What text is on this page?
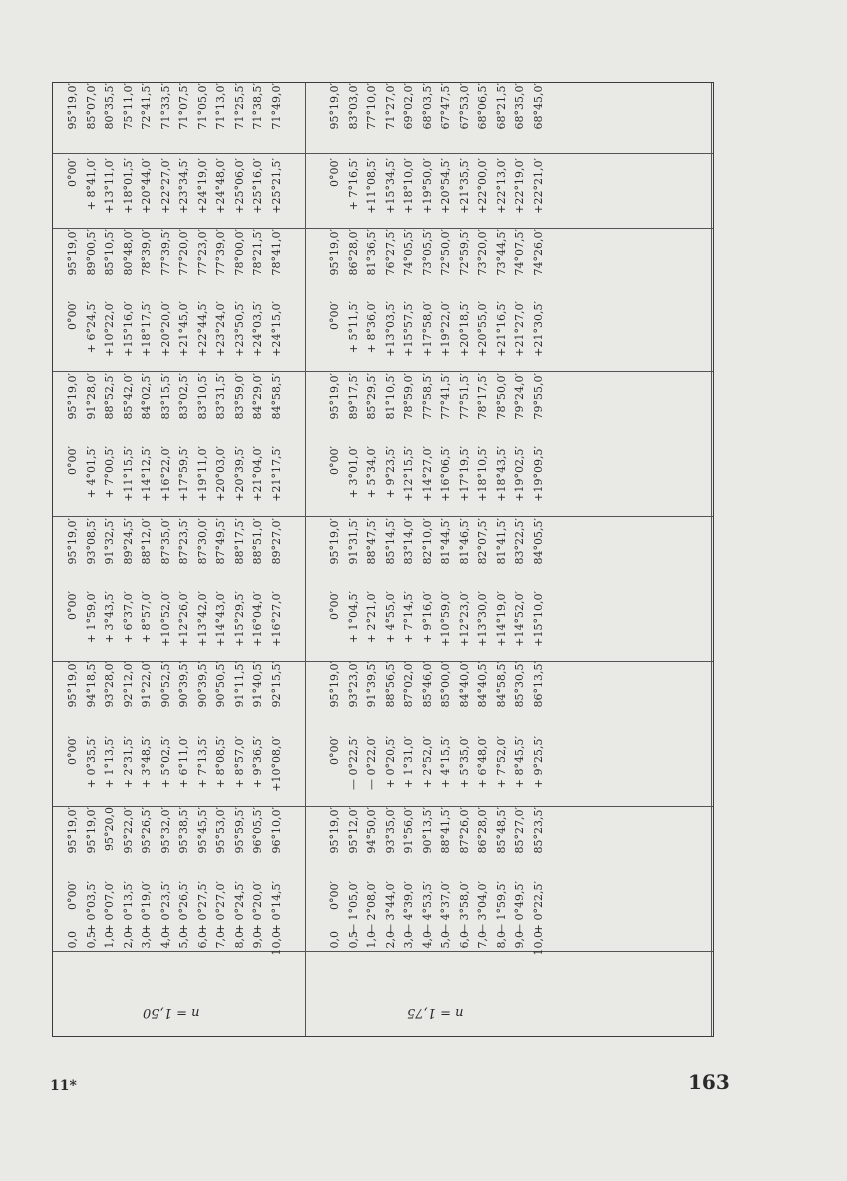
n = 1,50	n = 1,75
0,0
0°00′
95°19,0′
0°00′
95°19,0′
0°00′
95°19,0′
0°00′
95°19,0′
0°00′
95°19,0′
0°00′
95°19,0′
0,5
+ 0°03,5′
95°19,0′
+ 0°35,5′
94°18,5′
+ 1°59,0′
93°08,5′
+ 4°01,5′
91°28,0′
+ 6°24,5′
89°00,5′
+ 8°41,0′
85°07,0′
1,0
+ 0°07,0′
95°20,0
+ 1°13,5′
93°28,0′
+ 3°43,5′
91°32,5′
+ 7°00,5′
88°52,5′
+10°22,0′
85°10,5′
+13°11,0′
80°35,5′
2,0
+ 0°13,5′
95°22,0′
+ 2°31,5′
92°12,0′
+ 6°37,0′
89°24,5′
+11°15,5′
85°42,0′
+15°16,0′
80°48,0′
+18°01,5′
75°11,0′
3,0
+ 0°19,0′
95°26,5′
+ 3°48,5′
91°22,0′
+ 8°57,0′
88°12,0′
+14°12,5′
84°02,5′
+18°17,5′
78°39,0′
+20°44,0′
72°41,5′
4,0
+ 0°23,5′
95°32,0′
+ 5°02,5′
90°52,5′
+10°52,0′
87°35,0′
+16°22,0′
83°15,5′
+20°20,0′
77°39,5′
+22°27,0′
71°33,5′
5,0
+ 0°26,5′
95°38,5′
+ 6°11,0′
90°39,5′
+12°26,0′
87°23,5′
+17°59,5′
83°02,5′
+21°45,0′
77°20,0′
+23°34,5′
71°07,5′
6,0
+ 0°27,5′
95°45,5′
+ 7°13,5′
90°39,5′
+13°42,0′
87°30,0′
+19°11,0′
83°10,5′
+22°44,5′
77°23,0′
+24°19,0′
71°05,0′
7,0
+ 0°27,0′
95°53,0′
+ 8°08,5′
90°50,5′
+14°43,0′
87°49,5′
+20°03,0′
83°31,5′
+23°24,0′
77°39,0′
+24°48,0′
71°13,0′
8,0
+ 0°24,5′
95°59,5′
+ 8°57,0′
91°11,5′
+15°29,5′
88°17,5′
+20°39,5′
83°59,0′
+23°50,5′
78°00,0′
+25°06,0′
71°25,5′
9,0
+ 0°20,0′
96°05,5′
+ 9°36,5′
91°40,5′
+16°04,0′
88°51,0′
+21°04,0′
84°29,0′
+24°03,5′
78°21,5′
+25°16,0′
71°38,5′
10,0
+ 0°14,5′
96°10,0′
+10°08,0′
92°15,5′
+16°27,0′
89°27,0′
+21°17,5′
84°58,5′
+24°15,0′
78°41,0′
+25°21,5′
71°49,0′
0,0
0°00′
95°19,0′
0°00′
95°19,0′
0°00′
95°19,0′
0°00′
95°19,0′
0°00′
95°19,0′
0°00′
95°19,0′
0,5
— 1°05,0′
95°12,0′
— 0°22,5′
93°23,0′
+ 1°04,5′
91°31,5′
+ 3°01,0′
89°17,5′
+ 5°11,5′
86°28,0′
+ 7°16,5′
83°03,0′
1,0
— 2°08,0′
94°50,0′
— 0°22,0′
91°39,5′
+ 2°21,0′
88°47,5′
+ 5°34,0′
85°29,5′
+ 8°36,0′
81°36,5′
+11°08,5′
77°10,0′
2,0
— 3°44,0′
93°35,0′
+ 0°20,5′
88°56,5′
+ 4°55,0′
85°14,5′
+ 9°23,5′
81°10,5′
+13°03,5′
76°27,5′
+15°34,5′
71°27,0′
3,0
— 4°39,0′
91°56,0′
+ 1°31,0′
87°02,0′
+ 7°14,5′
83°14,0′
+12°15,5′
78°59,0′
+15°57,5′
74°05,5′
+18°10,0′
69°02,0′
4,0
— 4°53,5′
90°13,5′
+ 2°52,0′
85°46,0′
+ 9°16,0′
82°10,0′
+14°27,0′
77°58,5′
+17°58,0′
73°05,5′
+19°50,0′
68°03,5′
5,0
— 4°37,0′
88°41,5′
+ 4°15,5′
85°00,0′
+10°59,0′
81°44,5′
+16°06,5′
77°41,5′
+19°22,0′
72°50,0′
+20°54,5′
67°47,5′
6,0
— 3°58,0′
87°26,0′
+ 5°35,0′
84°40,0′
+12°23,0′
81°46,5′
+17°19,5′
77°51,5′
+20°18,5′
72°59,5′
+21°35,5′
67°53,0′
7,0
— 3°04,0′
86°28,0′
+ 6°48,0′
84°40,5′
+13°30,0′
82°07,5′
+18°10,5′
78°17,5′
+20°55,0′
73°20,0′
+22°00,0′
68°06,5′
8,0
— 1°59,5′
85°48,5′
+ 7°52,0′
84°58,5′
+14°19,0′
81°41,5′
+18°43,5′
78°50,0′
+21°16,5′
73°44,5′
+22°13,0′
68°21,5′
9,0
— 0°49,5′
85°27,0′
+ 8°45,5′
85°30,5′
+14°52,0′
83°22,5′
+19°02,5′
79°24,0′
+21°27,0′
74°07,5′
+22°19,0′
68°35,0′
10,0
+ 0°22,5′
85°23,5′
+ 9°25,5′
86°13,5′
+15°10,0′
84°05,5′
+19°09,5′
79°55,0′
+21°30,5′
74°26,0′
+22°21,0′
68°45,0′
11*	163
